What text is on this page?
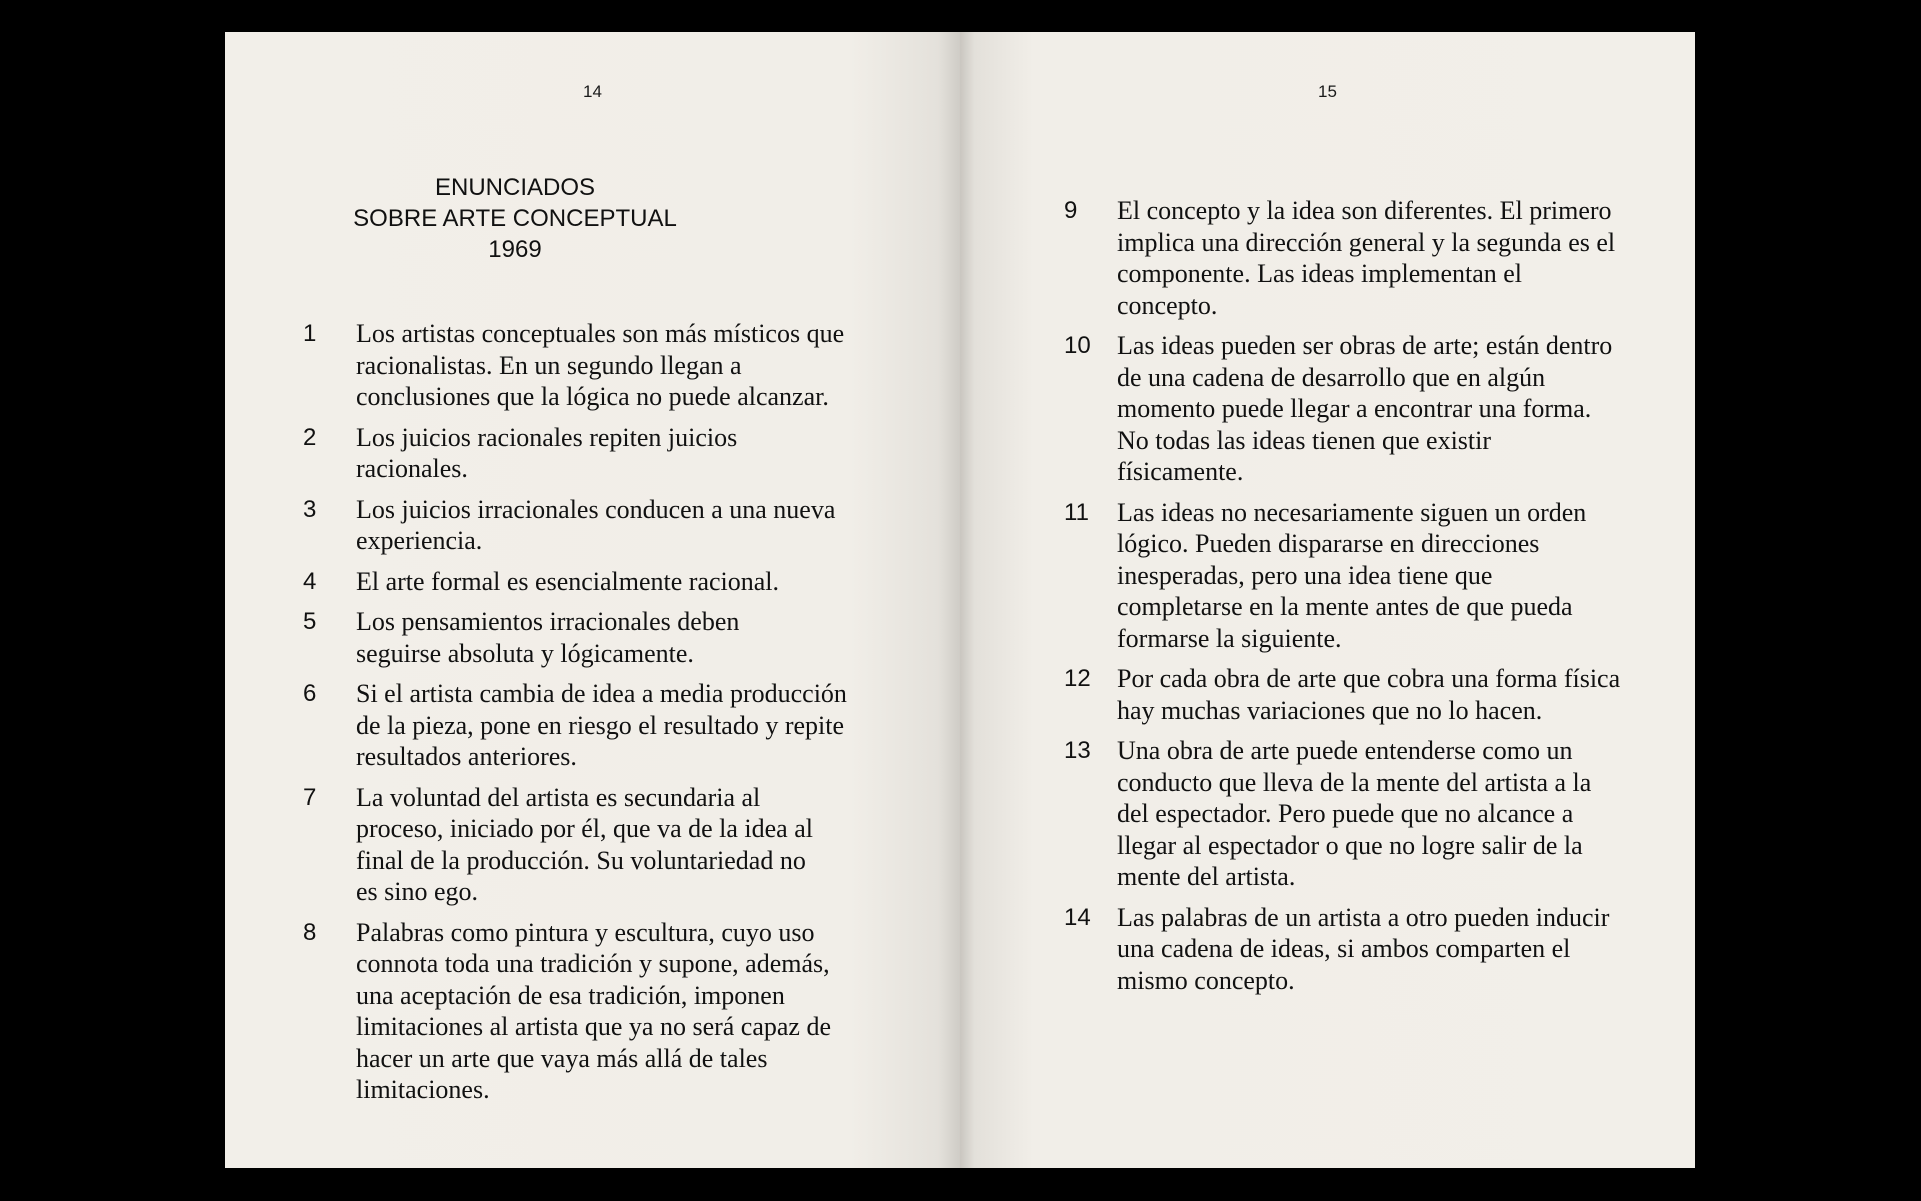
14
ENUNCIADOS
SOBRE ARTE CONCEPTUAL
1969
1	Los artistas conceptuales son más místicos que racionalistas. En un segundo llegan a conclusiones que la lógica no puede alcanzar.
2	Los juicios racionales repiten juicios racionales.
3	Los juicios irracionales conducen a una nueva experiencia.
4	El arte formal es esencialmente racional.
5	Los pensamientos irracionales deben seguirse absoluta y lógicamente.
6	Si el artista cambia de idea a media producción de la pieza, pone en riesgo el resultado y repite resultados anteriores.
7	La voluntad del artista es secundaria al proceso, iniciado por él, que va de la idea al final de la producción. Su voluntariedad no es sino ego.
8	Palabras como pintura y escultura, cuyo uso connota toda una tradición y supone, además, una aceptación de esa tradición, imponen limitaciones al artista que ya no será capaz de hacer un arte que vaya más allá de tales limitaciones.
15
9	El concepto y la idea son diferentes. El primero implica una dirección general y la segunda es el componente. Las ideas implementan el concepto.
10	Las ideas pueden ser obras de arte; están dentro de una cadena de desarrollo que en algún momento puede llegar a encontrar una forma. No todas las ideas tienen que existir físicamente.
11	Las ideas no necesariamente siguen un orden lógico. Pueden dispararse en direcciones inesperadas, pero una idea tiene que completarse en la mente antes de que pueda formarse la siguiente.
12	Por cada obra de arte que cobra una forma física hay muchas variaciones que no lo hacen.
13	Una obra de arte puede entenderse como un conducto que lleva de la mente del artista a la del espectador. Pero puede que no alcance a llegar al espectador o que no logre salir de la mente del artista.
14	Las palabras de un artista a otro pueden inducir una cadena de ideas, si ambos comparten el mismo concepto.
